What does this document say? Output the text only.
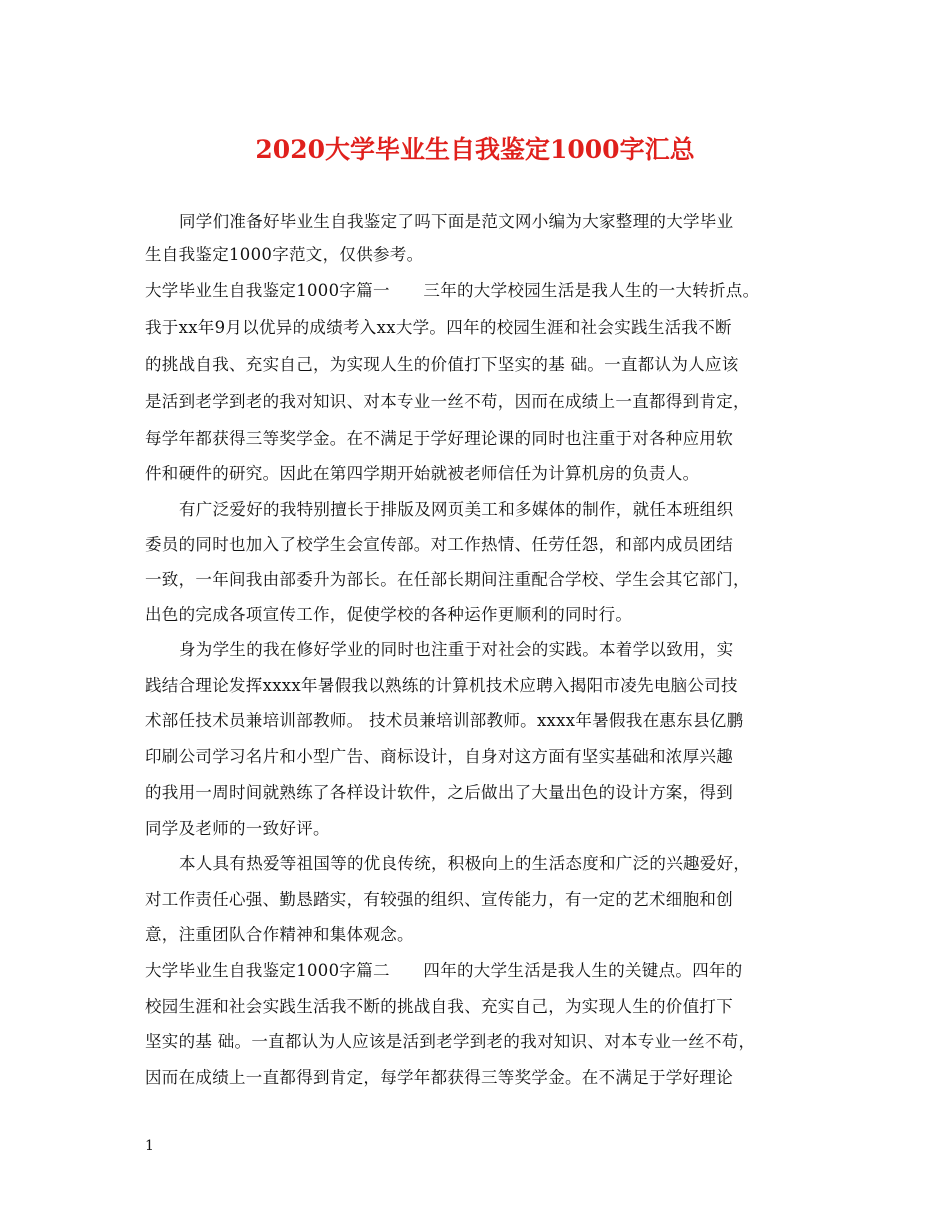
2020大学毕业生自我鉴定1000字汇总
同学们准备好毕业生自我鉴定了吗下面是范文网小编为大家整理的大学毕业
生自我鉴定1000字范文，仅供参考。
大学毕业生自我鉴定1000字篇一　　三年的大学校园生活是我人生的一大转折点。
我于xx年9月以优异的成绩考入xx大学。四年的校园生涯和社会实践生活我不断
的挑战自我、充实自己，为实现人生的价值打下坚实的基 础。一直都认为人应该
是活到老学到老的我对知识、对本专业一丝不苟，因而在成绩上一直都得到肯定，
每学年都获得三等奖学金。在不满足于学好理论课的同时也注重于对各种应用软
件和硬件的研究。因此在第四学期开始就被老师信任为计算机房的负责人。
有广泛爱好的我特别擅长于排版及网页美工和多媒体的制作，就任本班组织
委员的同时也加入了校学生会宣传部。对工作热情、任劳任怨，和部内成员团结
一致，一年间我由部委升为部长。在任部长期间注重配合学校、学生会其它部门，
出色的完成各项宣传工作，促使学校的各种运作更顺利的同时行。
身为学生的我在修好学业的同时也注重于对社会的实践。本着学以致用，实
践结合理论发挥xxxx年暑假我以熟练的计算机技术应聘入揭阳市凌先电脑公司技
术部任技术员兼培训部教师。 技术员兼培训部教师。xxxx年暑假我在惠东县亿鹏
印刷公司学习名片和小型广告、商标设计，自身对这方面有坚实基础和浓厚兴趣
的我用一周时间就熟练了各样设计软件，之后做出了大量出色的设计方案，得到
同学及老师的一致好评。
本人具有热爱等祖国等的优良传统，积极向上的生活态度和广泛的兴趣爱好，
对工作责任心强、勤恳踏实，有较强的组织、宣传能力，有一定的艺术细胞和创
意，注重团队合作精神和集体观念。
大学毕业生自我鉴定1000字篇二　　四年的大学生活是我人生的关键点。四年的
校园生涯和社会实践生活我不断的挑战自我、充实自己，为实现人生的价值打下
坚实的基 础。一直都认为人应该是活到老学到老的我对知识、对本专业一丝不苟，
因而在成绩上一直都得到肯定，每学年都获得三等奖学金。在不满足于学好理论
1
